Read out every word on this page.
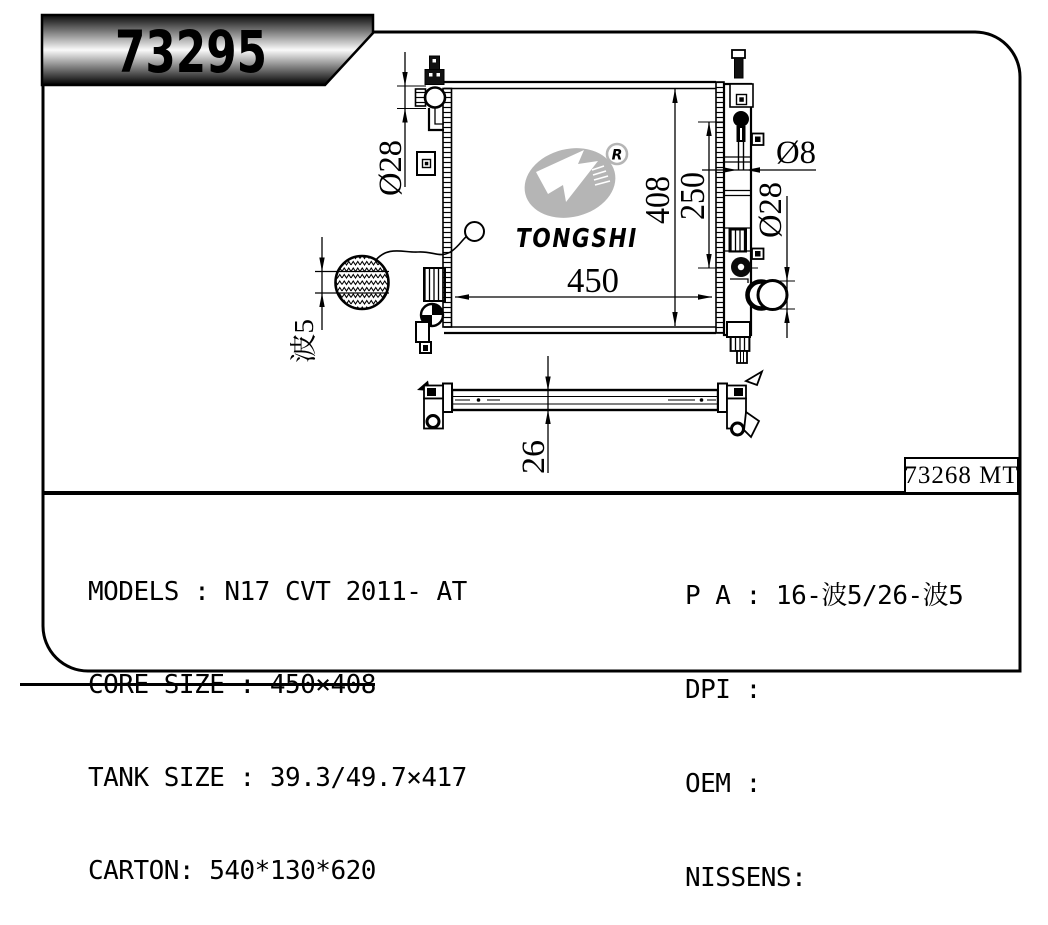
73295
R
TONGSHI
Ø28
波5
450
408
250
Ø8
Ø28
26
73268 MT

MODELS : N17 CVT 2011- AT

CORE SIZE : 450×408

TANK SIZE : 39.3/49.7×417

CARTON: 540*130*620

P A : 16-波5/26-波5

DPI :

OEM :

NISSENS:
